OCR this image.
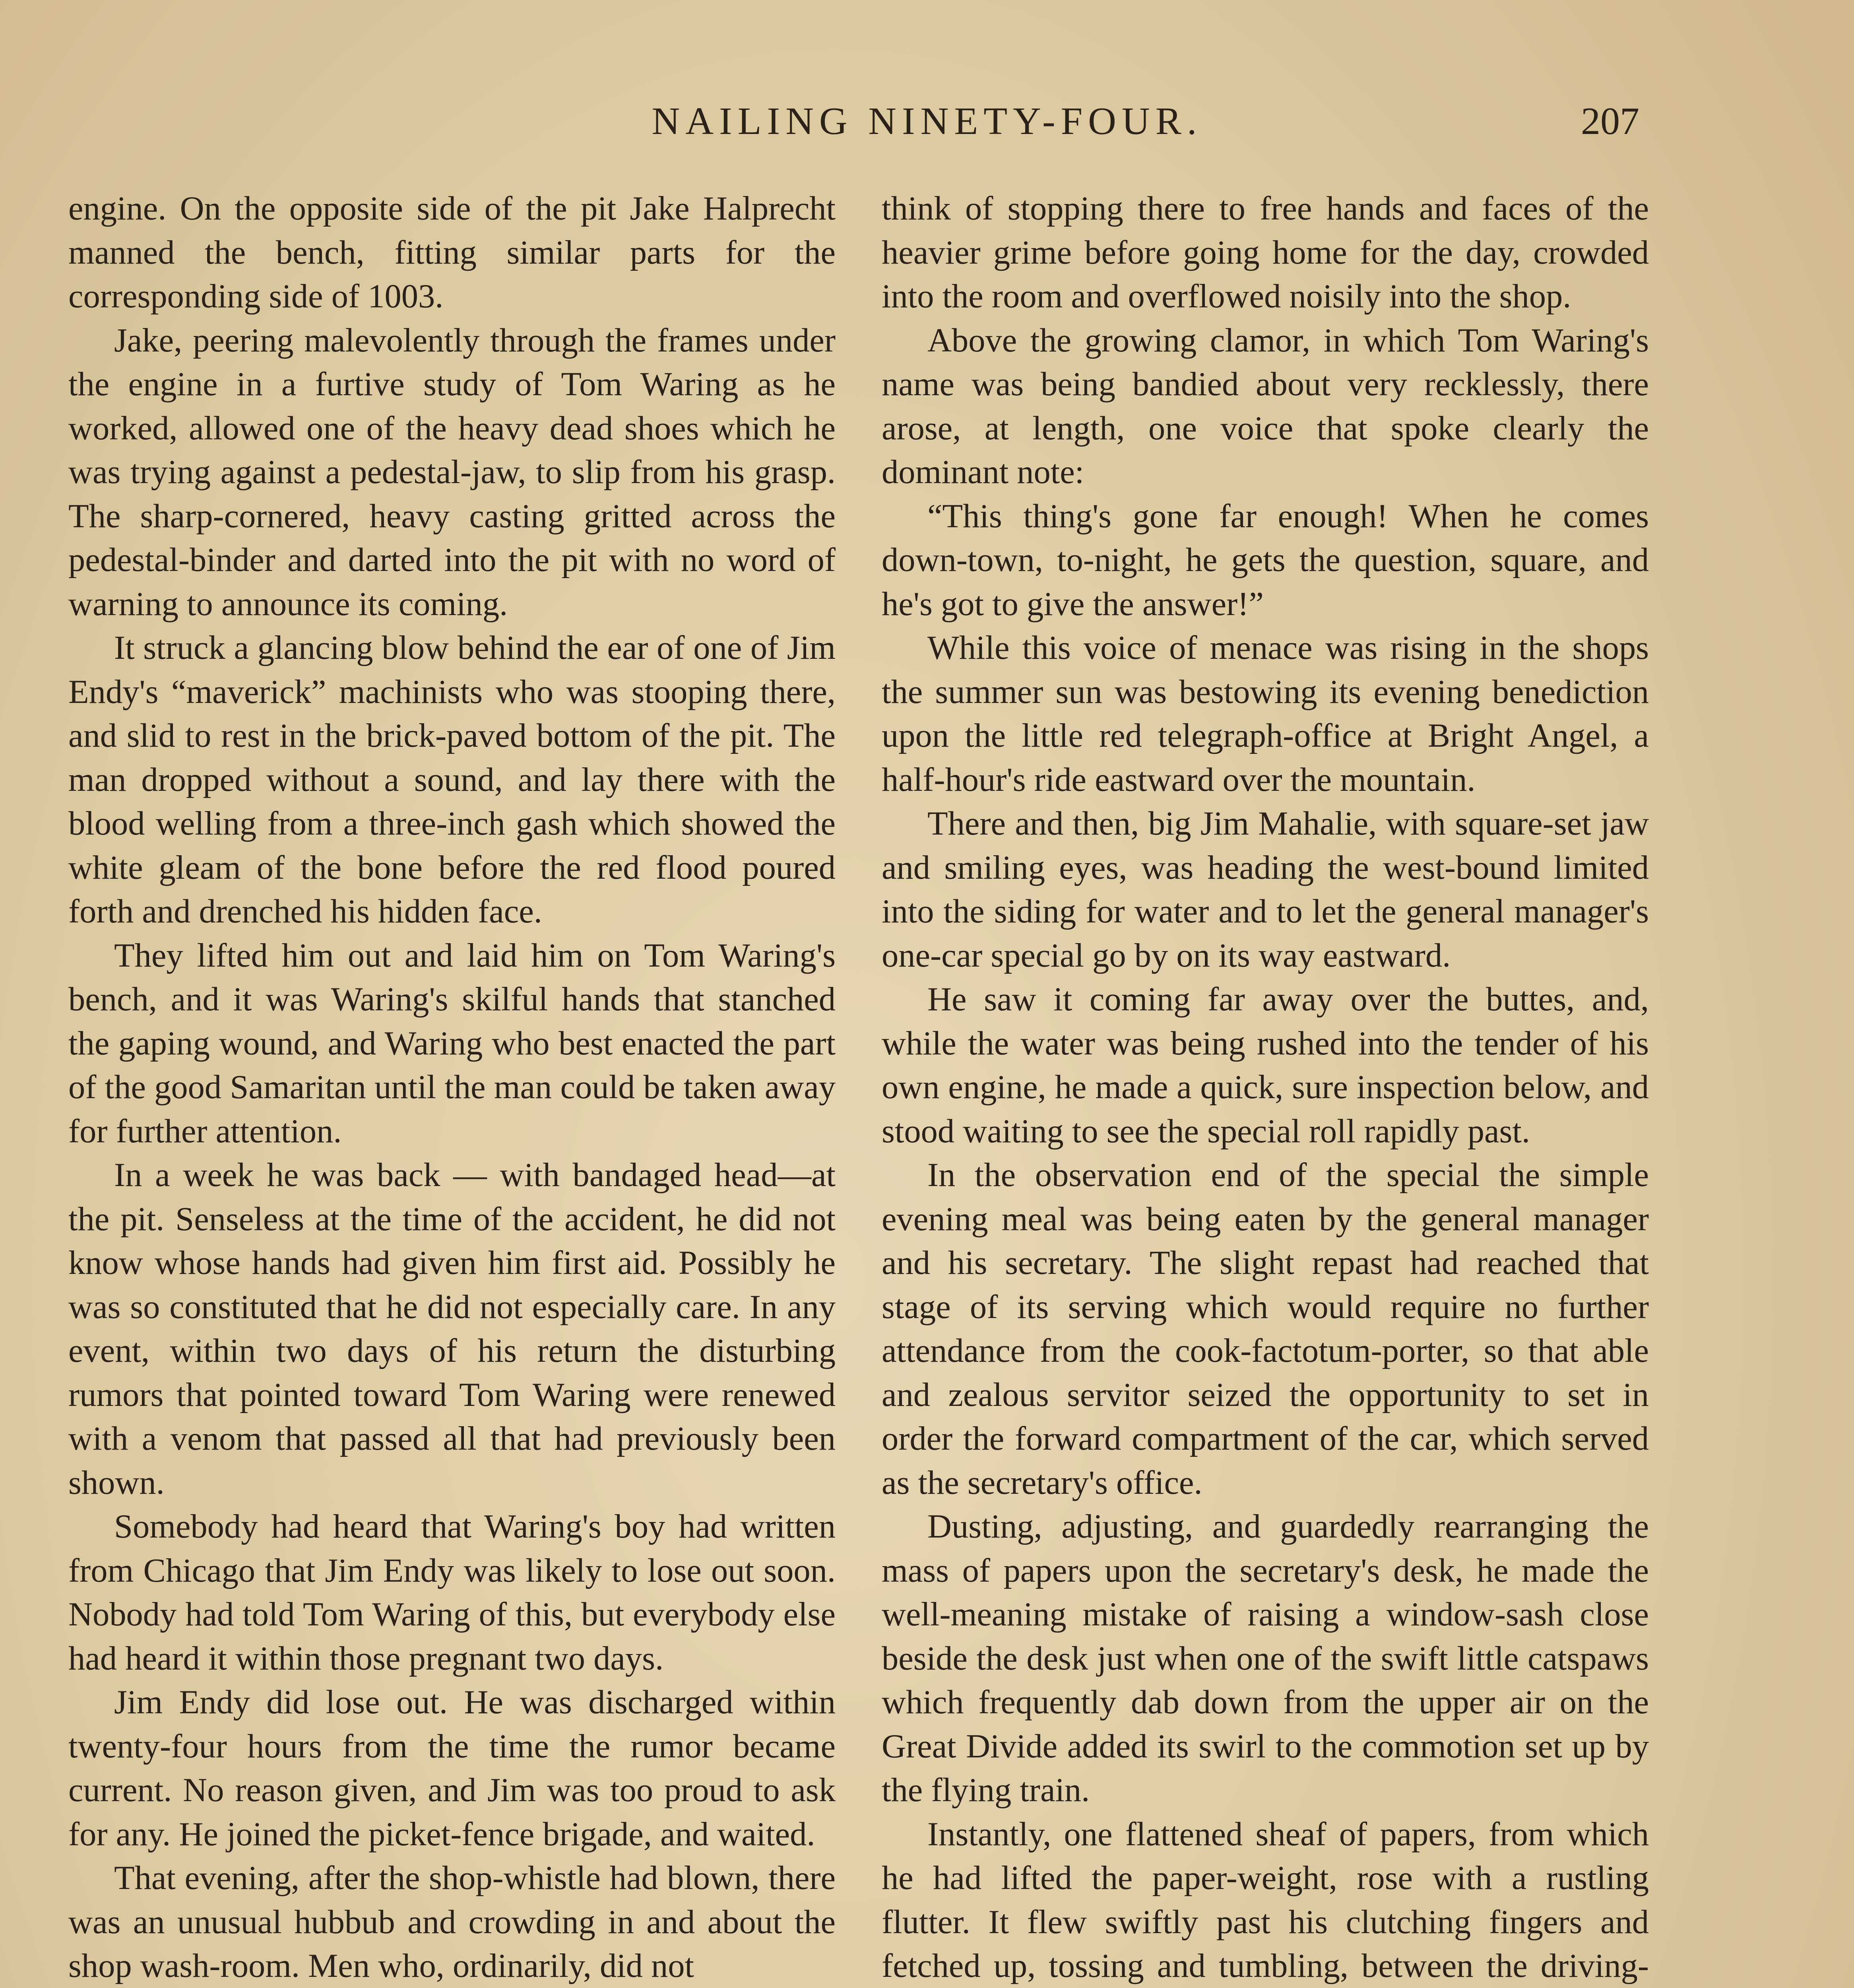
NAILING NINETY-FOUR.	207

engine. On the opposite side of the pit Jake Halprecht manned the bench, fitting similar parts for the corresponding side of 1003.

Jake, peering malevolently through the frames under the engine in a furtive study of Tom Waring as he worked, allowed one of the heavy dead shoes which he was trying against a pedestal-jaw, to slip from his grasp. The sharp-cornered, heavy casting gritted across the pedestal-binder and darted into the pit with no word of warning to announce its coming.

It struck a glancing blow behind the ear of one of Jim Endy's “maverick” machinists who was stooping there, and slid to rest in the brick-paved bottom of the pit. The man dropped without a sound, and lay there with the blood welling from a three-inch gash which showed the white gleam of the bone before the red flood poured forth and drenched his hidden face.

They lifted him out and laid him on Tom Waring's bench, and it was Waring's skilful hands that stanched the gaping wound, and Waring who best enacted the part of the good Samaritan until the man could be taken away for further attention.

In a week he was back — with bandaged head—at the pit. Senseless at the time of the accident, he did not know whose hands had given him first aid. Possibly he was so constituted that he did not especially care. In any event, within two days of his return the disturbing rumors that pointed toward Tom Waring were renewed with a venom that passed all that had previously been shown.

Somebody had heard that Waring's boy had written from Chicago that Jim Endy was likely to lose out soon. Nobody had told Tom Waring of this, but everybody else had heard it within those pregnant two days.

Jim Endy did lose out. He was discharged within twenty-four hours from the time the rumor became current. No reason given, and Jim was too proud to ask for any. He joined the picket-fence brigade, and waited.

That evening, after the shop-whistle had blown, there was an unusual hubbub and crowding in and about the shop wash-room. Men who, ordinarily, did not

think of stopping there to free hands and faces of the heavier grime before going home for the day, crowded into the room and overflowed noisily into the shop.

Above the growing clamor, in which Tom Waring's name was being bandied about very recklessly, there arose, at length, one voice that spoke clearly the dominant note:

“This thing's gone far enough! When he comes down-town, to-night, he gets the question, square, and he's got to give the answer!”

While this voice of menace was rising in the shops the summer sun was bestowing its evening benediction upon the little red telegraph-office at Bright Angel, a half-hour's ride eastward over the mountain.

There and then, big Jim Mahalie, with square-set jaw and smiling eyes, was heading the west-bound limited into the siding for water and to let the general manager's one-car special go by on its way eastward.

He saw it coming far away over the buttes, and, while the water was being rushed into the tender of his own engine, he made a quick, sure inspection below, and stood waiting to see the special roll rapidly past.

In the observation end of the special the simple evening meal was being eaten by the general manager and his secretary. The slight repast had reached that stage of its serving which would require no further attendance from the cook-factotum-porter, so that able and zealous servitor seized the opportunity to set in order the forward compartment of the car, which served as the secretary's office.

Dusting, adjusting, and guardedly rearranging the mass of papers upon the secretary's desk, he made the well-meaning mistake of raising a window-sash close beside the desk just when one of the swift little catspaws which frequently dab down from the upper air on the Great Divide added its swirl to the commotion set up by the flying train.

Instantly, one flattened sheaf of papers, from which he had lifted the paper-weight, rose with a rustling flutter. It flew swiftly past his clutching fingers and fetched up, tossing and tumbling, between the driving-
